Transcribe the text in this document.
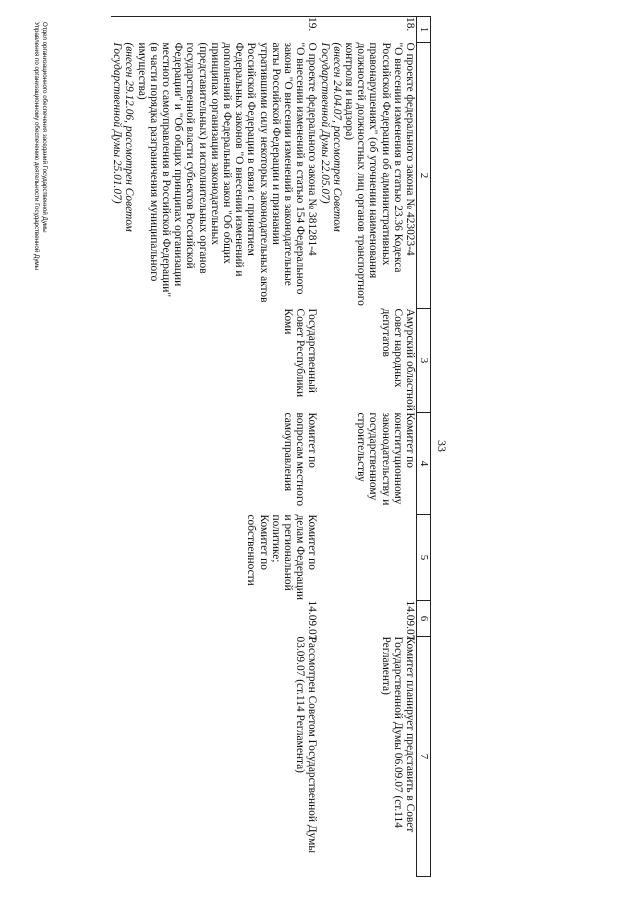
33
1	2	3	4	5	6	7
18.	О проекте федерального закона № 423023-4
"О внесении изменения в статью 23.36 Кодекса Российской Федерации об административных правонарушениях" (об уточнении наименования должностей должностных лиц органов транспортного контроля и надзора)
(внесен 24.04.07, рассмотрен Советом Государственной Думы 22.05.07)	Амурский областной Совет народных депутатов	Комитет по конституционному законодательству и государственному строительству		14.09.07	Комитет планирует представить в Совет Государственной Думы 06.09.07 (ст.114 Регламента)
19.	О проекте федерального закона № 381281-4
"О внесении изменений в статью 154 Федерального закона "О внесении изменений в законодательные акты Российской Федерации и признании утратившими силу некоторых законодательных актов Российской Федерации в связи с принятием Федеральных законов "О внесении изменений и дополнений в Федеральный закон "Об общих принципах организации законодательных (представительных) и исполнительных органов государственной власти субъектов Российской Федерации" и "Об общих принципах организации местного самоуправления в Российской Федерации" (в части порядка разграничения муниципального имущества)
(внесен 29.12.06, рассмотрен Советом Государственной Думы 25.01.07)	Государственный Совет Республики Коми	Комитет по вопросам местного самоуправления	Комитет по делам Федерации и региональной политике; Комитет по собственности	14.09.07	Рассмотрен Советом Государственной Думы 03.09.07 (ст.114 Регламента)
Отдел организационного обеспечения заседаний Государственной Думы
Управления по организационному обеспечению деятельности Государственной Думы
